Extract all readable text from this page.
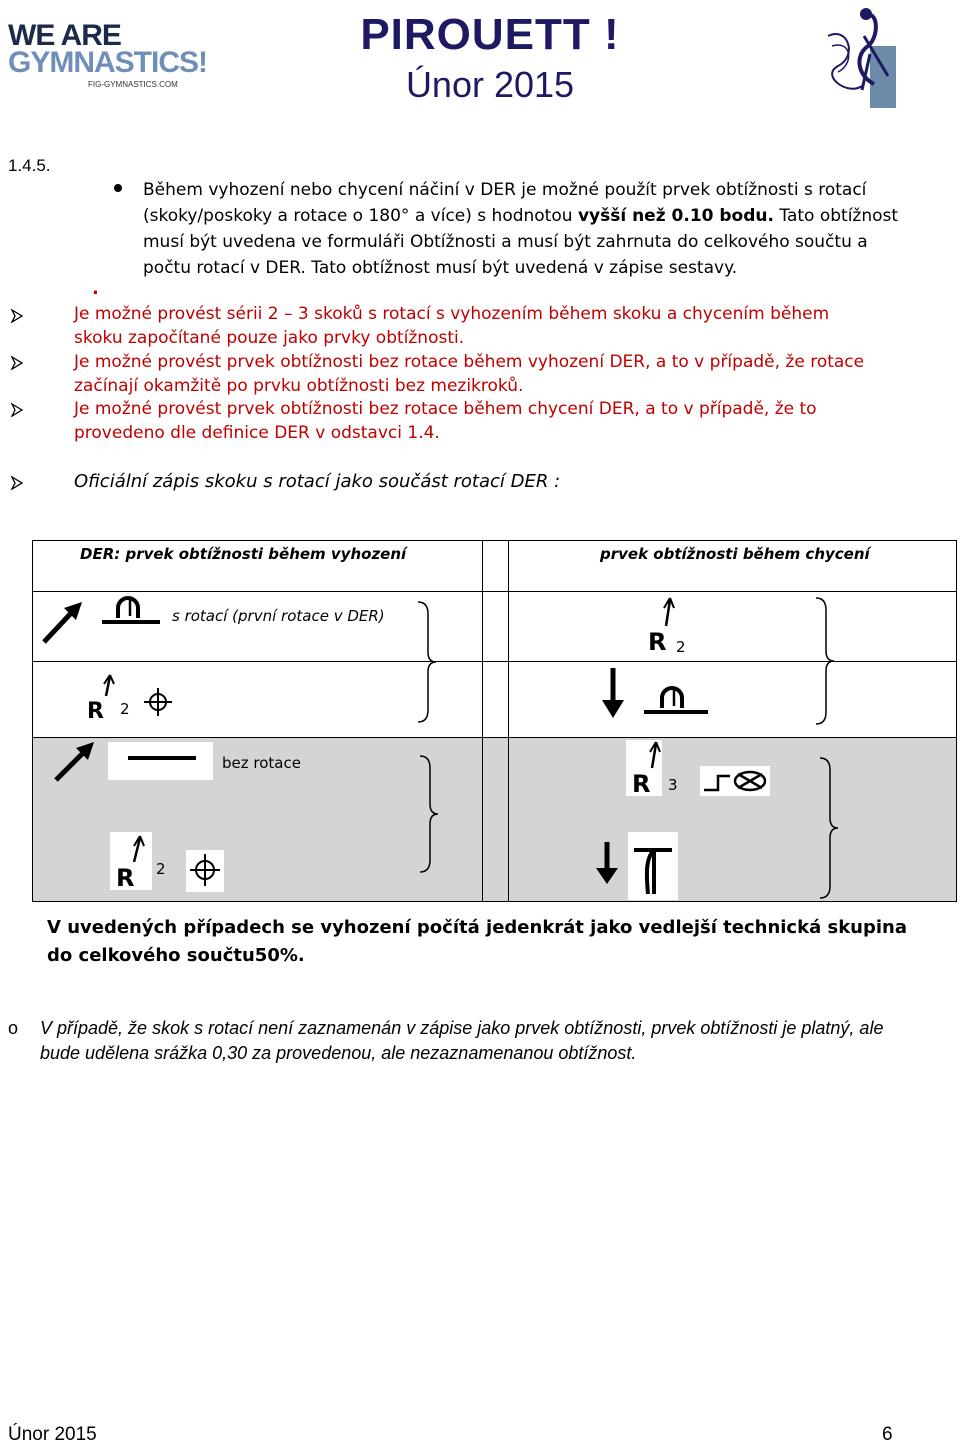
WE ARE
GYMNASTICS!
FIG-GYMNASTICS.COM
PIROUETT !
Únor 2015
1.4.5.
Během vyhození nebo chycení náčiní v DER je možné použít prvek obtížnosti s rotací (skoky/poskoky a rotace o 180° a více) s hodnotou vyšší než 0.10 bodu. Tato obtížnost musí být uvedena ve formuláři Obtížnosti a musí být zahrnuta do celkového součtu a počtu rotací v DER. Tato obtížnost musí být uvedená v zápise sestavy.
.
Je možné provést sérii 2 – 3 skoků s rotací s vyhozením během skoku a chycením během skoku započítané pouze jako prvky obtížnosti.
Je možné provést prvek obtížnosti bez rotace během vyhození DER, a to v případě, že rotace začínají okamžitě po prvku obtížnosti bez mezikroků.
Je možné provést prvek obtížnosti bez rotace během chycení DER, a to v případě, že to provedeno dle definice DER v odstavci 1.4.
Oficiální zápis skoku s rotací jako součást rotací DER :
DER: prvek obtížnosti během vyhození	prvek obtížnosti během chycení
s rotací (první rotace v DER)
R 2
R 2
bez rotace
R 3
R 2
V uvedených případech se vyhození počítá jedenkrát jako vedlejší technická skupina do celkového součtu50%.
o V případě, že skok s rotací není zaznamenán v zápise jako prvek obtížnosti, prvek obtížnosti je platný, ale bude udělena srážka 0,30 za provedenou, ale nezaznamenanou obtížnost.
Únor 2015	6
